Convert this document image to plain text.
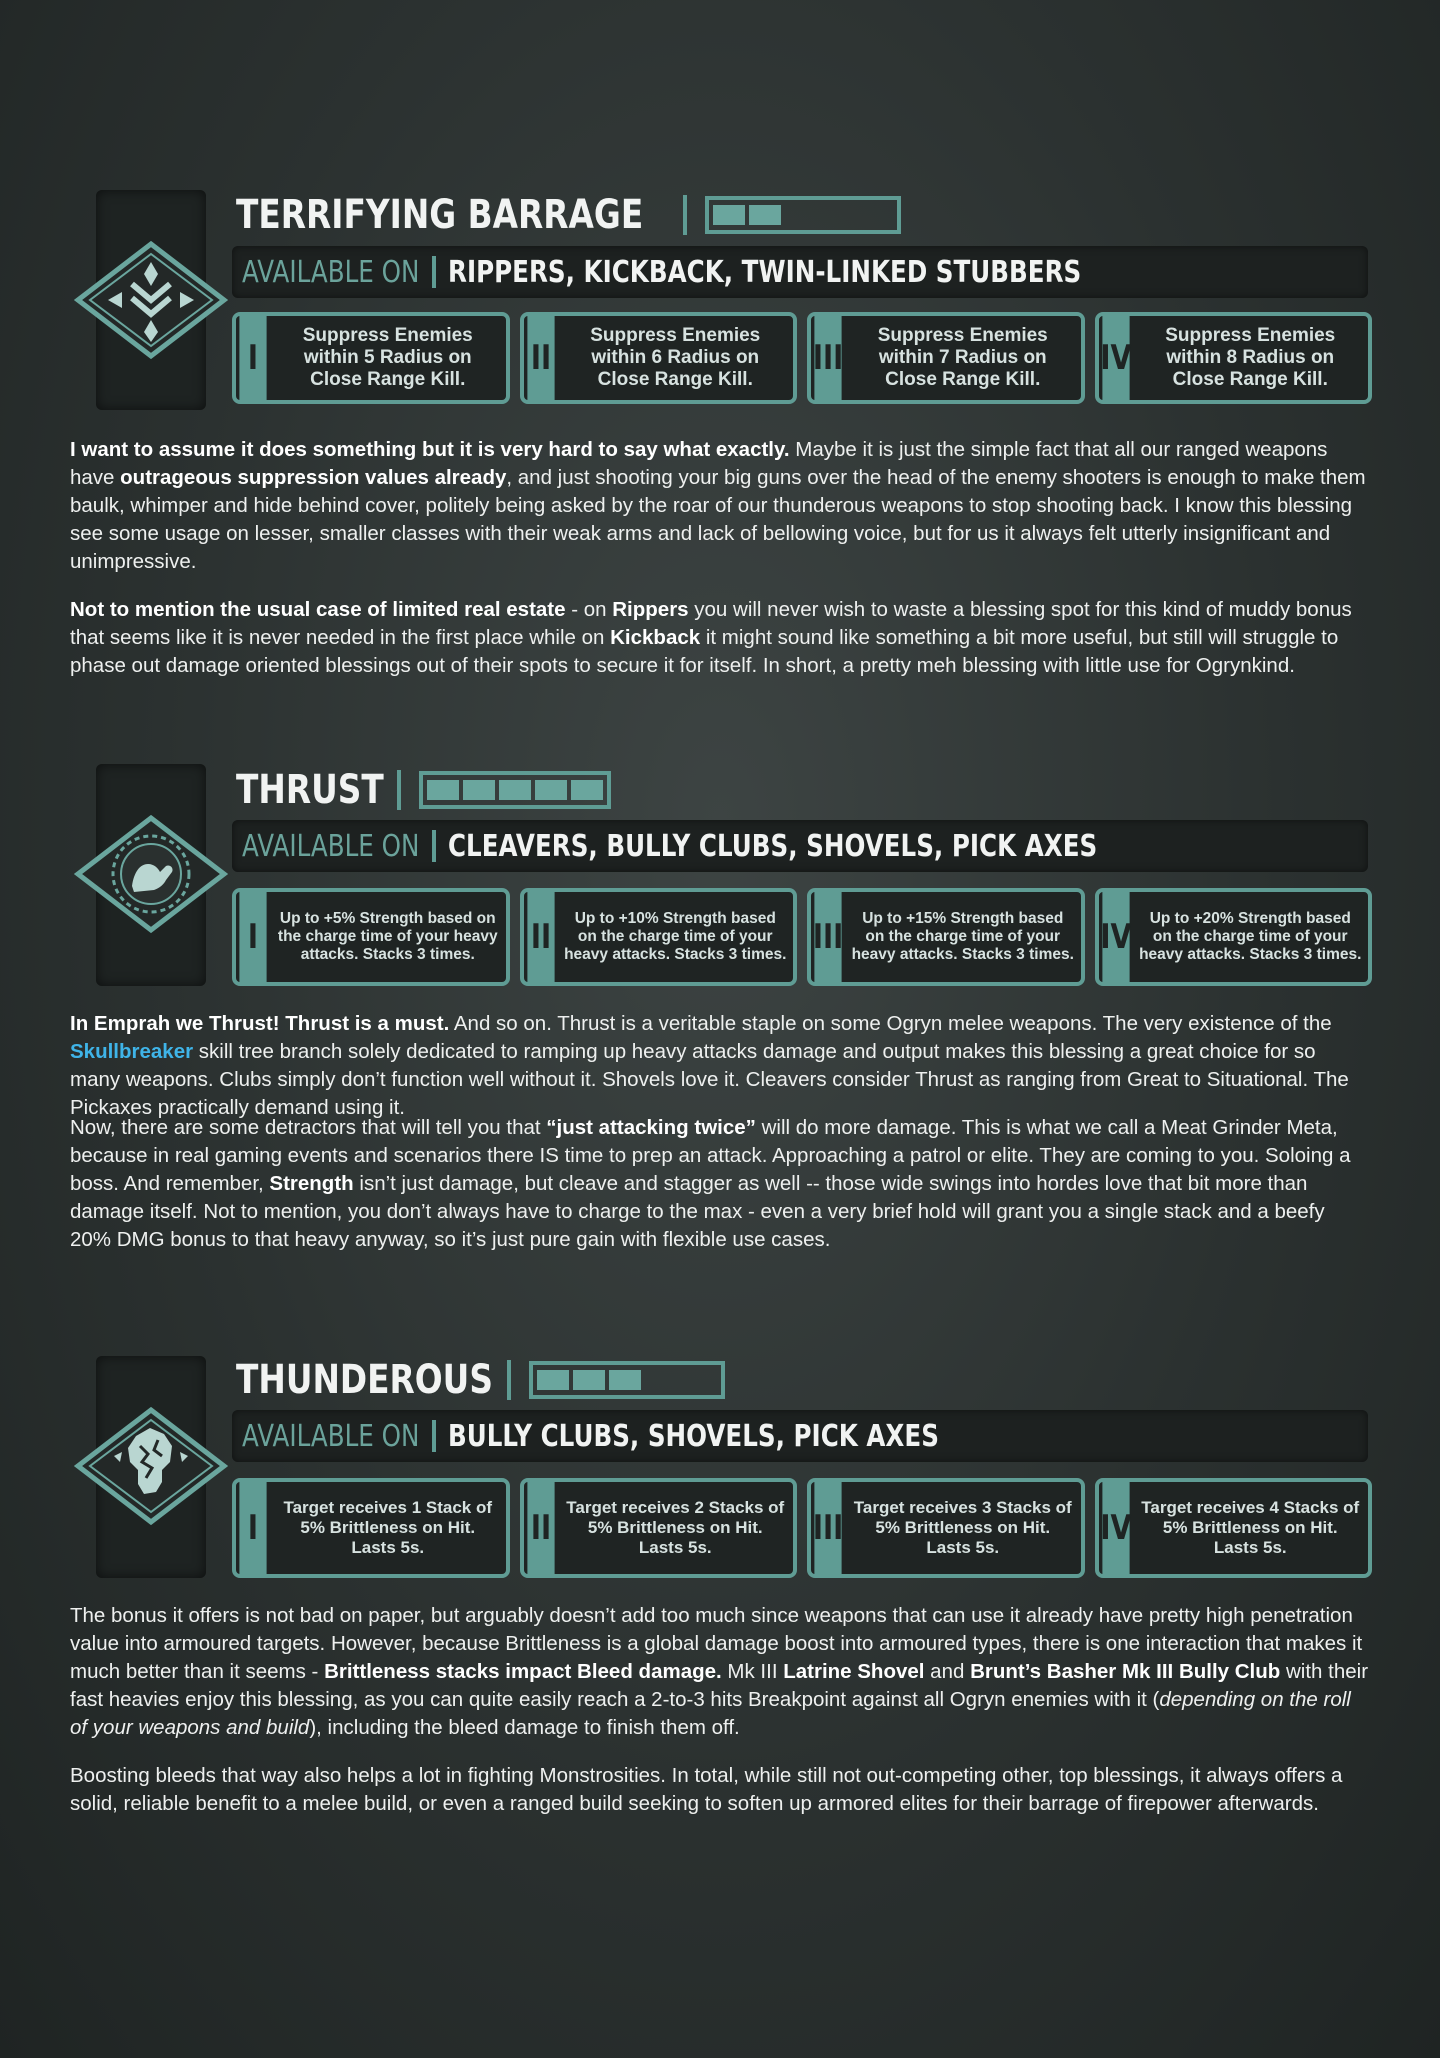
TERRIFYING BARRAGE
AVAILABLE ON RIPPERS, KICKBACK, TWIN-LINKED STUBBERS
I
Suppress Enemies within 5 Radius on Close Range Kill.
II
Suppress Enemies within 6 Radius on Close Range Kill.
III
Suppress Enemies within 7 Radius on Close Range Kill.
IV
Suppress Enemies within 8 Radius on Close Range Kill.

I want to assume it does something but it is very hard to say what exactly. Maybe it is just the simple fact that all our ranged weapons have outrageous suppression values already, and just shooting your big guns over the head of the enemy shooters is enough to make them baulk, whimper and hide behind cover, politely being asked by the roar of our thunderous weapons to stop shooting back. I know this blessing see some usage on lesser, smaller classes with their weak arms and lack of bellowing voice, but for us it always felt utterly insignificant and unimpressive.

Not to mention the usual case of limited real estate - on Rippers you will never wish to waste a blessing spot for this kind of muddy bonus that seems like it is never needed in the first place while on Kickback it might sound like something a bit more useful, but still will struggle to phase out damage oriented blessings out of their spots to secure it for itself. In short, a pretty meh blessing with little use for Ogrynkind.

THRUST
AVAILABLE ON CLEAVERS, BULLY CLUBS, SHOVELS, PICK AXES
I	Up to +5% Strength based on the charge time of your heavy attacks. Stacks 3 times.	II	Up to +10% Strength based on the charge time of your heavy attacks. Stacks 3 times. III	Up to +15% Strength based on the charge time of your heavy attacks. Stacks 3 times. IV	Up to +20% Strength based on the charge time of your heavy attacks. Stacks 3 times.

In Emprah we Thrust! Thrust is a must. And so on. Thrust is a veritable staple on some Ogryn melee weapons. The very existence of the Skullbreaker skill tree branch solely dedicated to ramping up heavy attacks damage and output makes this blessing a great choice for so many weapons. Clubs simply don’t function well without it. Shovels love it. Cleavers consider Thrust as ranging from Great to Situational. The Pickaxes practically demand using it.

Now, there are some detractors that will tell you that “just attacking twice” will do more damage. This is what we call a Meat Grinder Meta, because in real gaming events and scenarios there IS time to prep an attack. Approaching a patrol or elite. They are coming to you. Soloing a boss. And remember, Strength isn’t just damage, but cleave and stagger as well -- those wide swings into hordes love that bit more than damage itself. Not to mention, you don’t always have to charge to the max - even a very brief hold will grant you a single stack and a beefy 20% DMG bonus to that heavy anyway, so it’s just pure gain with flexible use cases.

THUNDEROUS
AVAILABLE ON BULLY CLUBS, SHOVELS, PICK AXES
I
Target receives 1 Stack of 5% Brittleness on Hit. Lasts 5s.	II
Target receives 2 Stacks of 5% Brittleness on Hit. Lasts 5s.	III
Target receives 3 Stacks of 5% Brittleness on Hit. Lasts 5s.	IV
Target receives 4 Stacks of 5% Brittleness on Hit. Lasts 5s.

The bonus it offers is not bad on paper, but arguably doesn’t add too much since weapons that can use it already have pretty high penetration value into armoured targets. However, because Brittleness is a global damage boost into armoured types, there is one interaction that makes it much better than it seems - Brittleness stacks impact Bleed damage. Mk III Latrine Shovel and Brunt’s Basher Mk III Bully Club with their fast heavies enjoy this blessing, as you can quite easily reach a 2-to-3 hits Breakpoint against all Ogryn enemies with it (depending on the roll of your weapons and build), including the bleed damage to finish them off.

Boosting bleeds that way also helps a lot in fighting Monstrosities. In total, while still not out-competing other, top blessings, it always offers a solid, reliable benefit to a melee build, or even a ranged build seeking to soften up armored elites for their barrage of firepower afterwards.
